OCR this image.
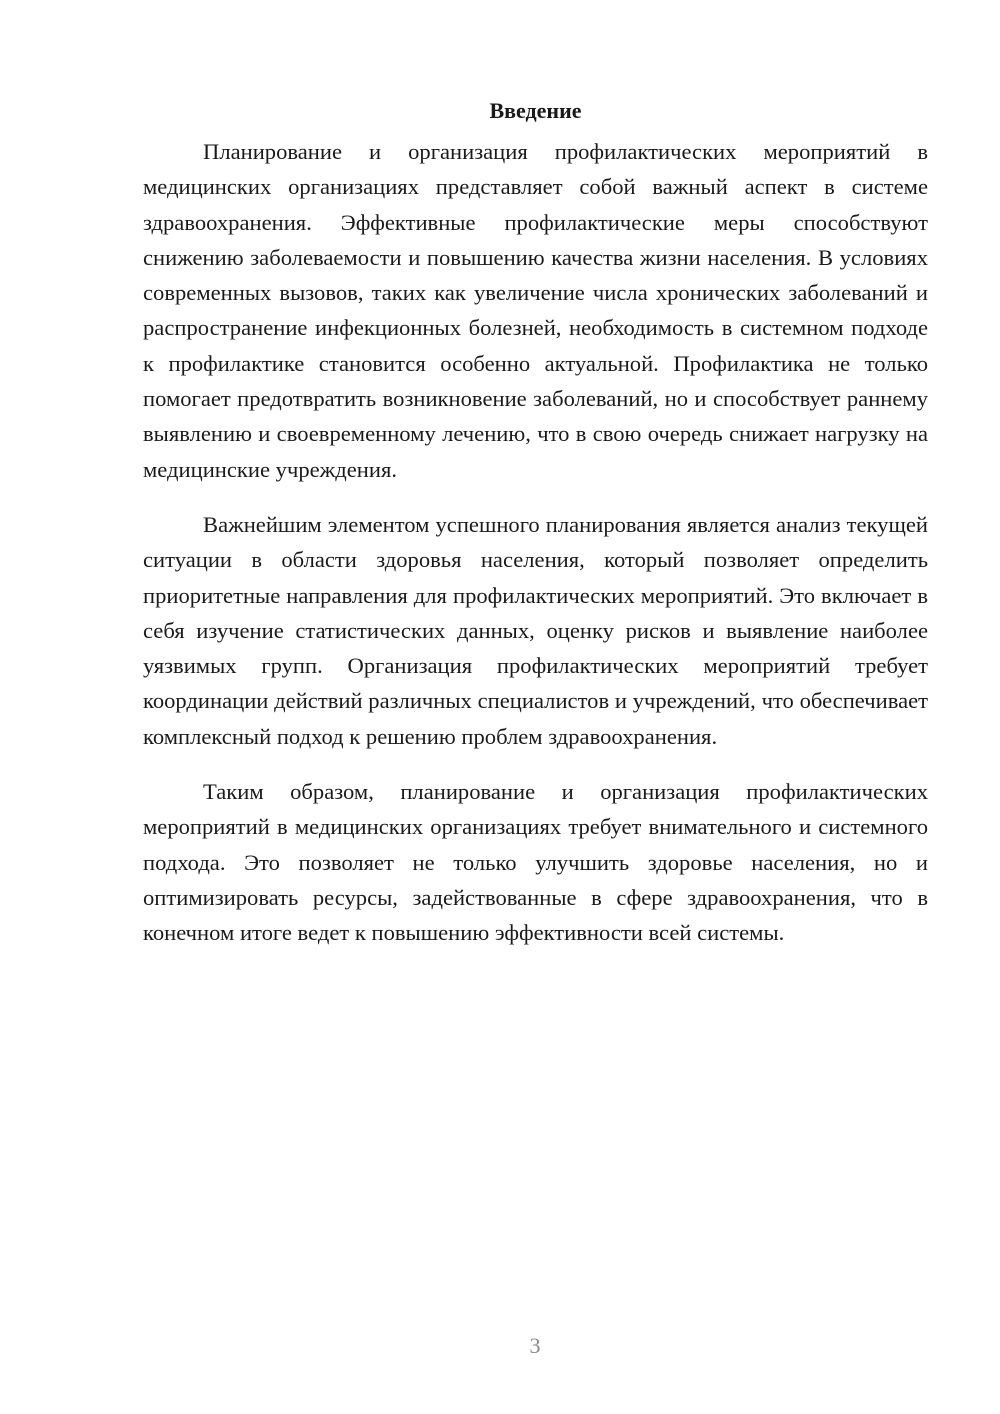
Введение

Планирование и организация профилактических мероприятий в медицинских организациях представляет собой важный аспект в системе здравоохранения. Эффективные профилактические меры способствуют снижению заболеваемости и повышению качества жизни населения. В условиях современных вызовов, таких как увеличение числа хронических заболеваний и распространение инфекционных болезней, необходимость в системном подходе к профилактике становится особенно актуальной. Профилактика не только помогает предотвратить возникновение заболеваний, но и способствует раннему выявлению и своевременному лечению, что в свою очередь снижает нагрузку на медицинские учреждения.

Важнейшим элементом успешного планирования является анализ текущей ситуации в области здоровья населения, который позволяет определить приоритетные направления для профилактических мероприятий. Это включает в себя изучение статистических данных, оценку рисков и выявление наиболее уязвимых групп. Организация профилактических мероприятий требует координации действий различных специалистов и учреждений, что обеспечивает комплексный подход к решению проблем здравоохранения.

Таким образом, планирование и организация профилактических мероприятий в медицинских организациях требует внимательного и системного подхода. Это позволяет не только улучшить здоровье населения, но и оптимизировать ресурсы, задействованные в сфере здравоохранения, что в конечном итоге ведет к повышению эффективности всей системы.

3
